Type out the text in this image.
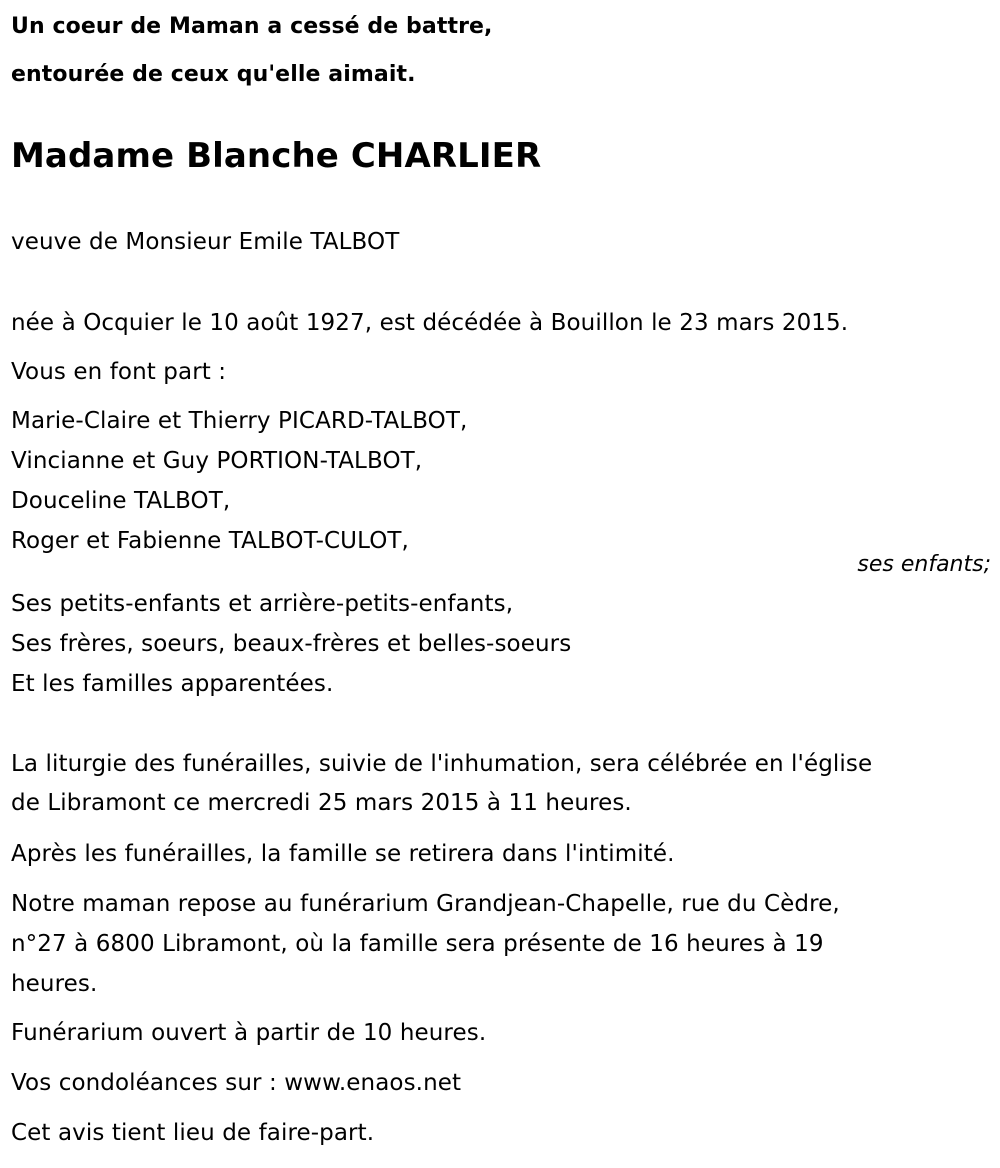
Un coeur de Maman a cessé de battre,
entourée de ceux qu'elle aimait.
Madame Blanche CHARLIER
veuve de Monsieur Emile TALBOT
née à Ocquier le 10 août 1927, est décédée à Bouillon le 23 mars 2015.
Vous en font part :
Marie-Claire et Thierry PICARD-TALBOT,
Vincianne et Guy PORTION-TALBOT,
Douceline TALBOT,
Roger et Fabienne TALBOT-CULOT,
ses enfants;
Ses petits-enfants et arrière-petits-enfants,
Ses frères, soeurs, beaux-frères et belles-soeurs
Et les familles apparentées.
La liturgie des funérailles, suivie de l'inhumation, sera célébrée en l'église
de Libramont ce mercredi 25 mars 2015 à 11 heures.
Après les funérailles, la famille se retirera dans l'intimité.
Notre maman repose au funérarium Grandjean-Chapelle, rue du Cèdre,
n°27 à 6800 Libramont, où la famille sera présente de 16 heures à 19
heures.
Funérarium ouvert à partir de 10 heures.
Vos condoléances sur : www.enaos.net
Cet avis tient lieu de faire-part.
